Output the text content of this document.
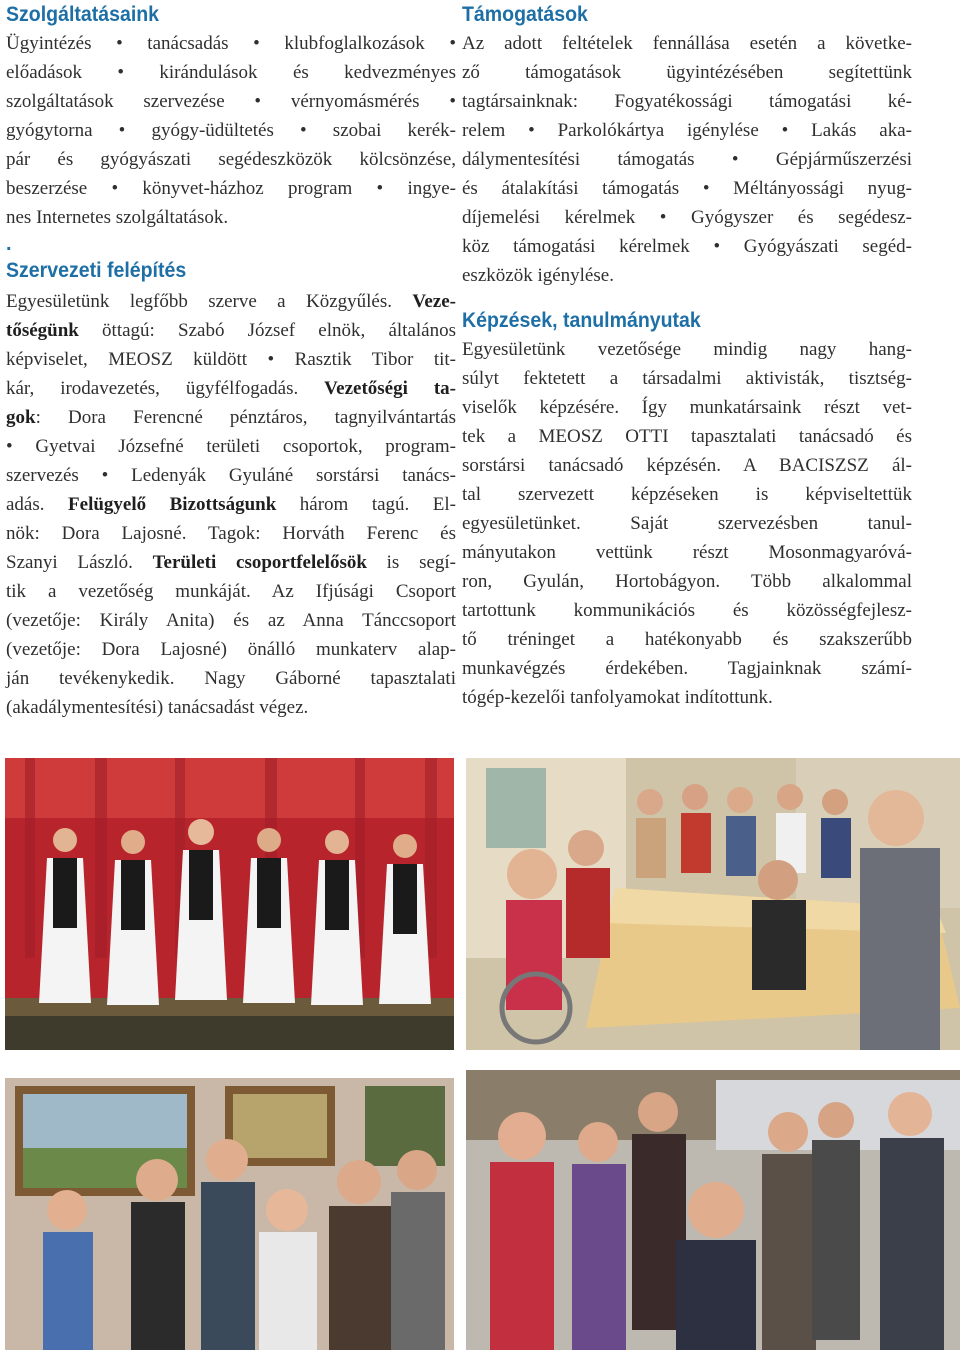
Szolgáltatásaink
Ügyintézés • tanácsadás • klubfoglalkozások •
előadások • kirándulások és kedvezményes
szolgáltatások szervezése • vérnyomásmérés •
gyógytorna • gyógy-üdültetés • szobai kerék-
pár és gyógyászati segédeszközök kölcsönzése,
beszerzése • könyvet-házhoz program • ingye-
nes Internetes szolgáltatások.
.
Szervezeti felépítés
Egyesületünk legfőbb szerve a Közgyűlés. Veze-
tőségünk öttagú: Szabó József elnök, általános
képviselet, MEOSZ küldött • Rasztik Tibor tit-
kár, irodavezetés, ügyfélfogadás. Vezetőségi ta-
gok: Dora Ferencné pénztáros, tagnyilvántartás
• Gyetvai Józsefné területi csoportok, program-
szervezés • Ledenyák Gyuláné sorstársi tanács-
adás. Felügyelő Bizottságunk három tagú. El-
nök: Dora Lajosné. Tagok: Horváth Ferenc és
Szanyi László. Területi csoportfelelősök is segí-
tik a vezetőség munkáját. Az Ifjúsági Csoport
(vezetője: Király Anita) és az Anna Tánccsoport
(vezetője: Dora Lajosné) önálló munkaterv alap-
ján tevékenykedik. Nagy Gáborné tapasztalati
(akadálymentesítési) tanácsadást végez.
Támogatások
Az adott feltételek fennállása esetén a követke-
ző támogatások ügyintézésében segítettünk
tagtársainknak: Fogyatékossági támogatási ké-
relem • Parkolókártya igénylése • Lakás aka-
dálymentesítési támogatás • Gépjárműszerzési
és átalakítási támogatás • Méltányossági nyug-
díjemelési kérelmek • Gyógyszer és segédesz-
köz támogatási kérelmek • Gyógyászati segéd-
eszközök igénylése.
Képzések, tanulmányutak
Egyesületünk vezetősége mindig nagy hang-
súlyt fektetett a társadalmi aktivisták, tisztség-
viselők képzésére. Így munkatársaink részt vet-
tek a MEOSZ OTTI tapasztalati tanácsadó és
sorstársi tanácsadó képzésén. A BACISZSZ ál-
tal szervezett képzéseken is képviseltettük
egyesületünket. Saját szervezésben tanul-
mányutakon vettünk részt Mosonmagyaróvá-
ron, Gyulán, Hortobágyon. Több alkalommal
tartottunk kommunikációs és közösségfejlesz-
tő tréninget a hatékonyabb és szakszerűbb
munkavégzés érdekében. Tagjainknak számí-
tógép-kezelői tanfolyamokat indítottunk.
